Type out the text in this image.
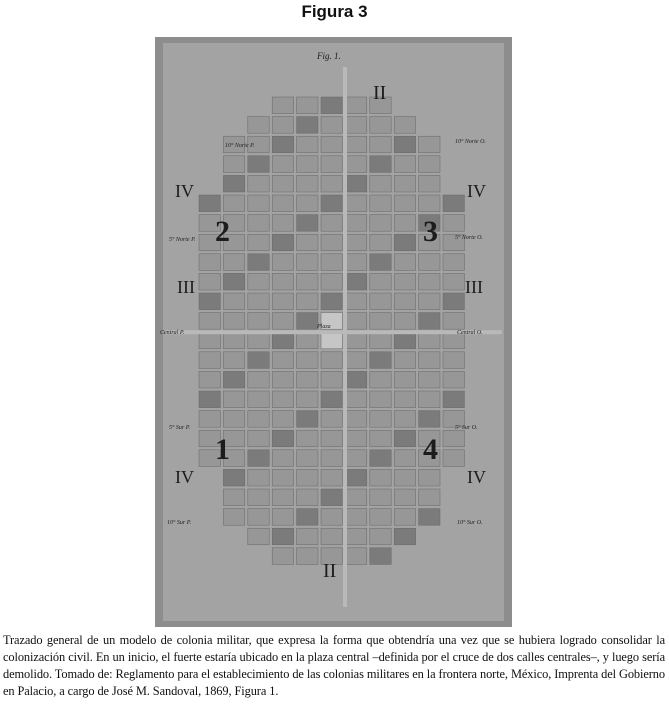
Figura 3
Fig. 1.
2	3
1	4
II
IV	IV
III	III
IV	IV
II
Plaza
10° Norte P.
10° Norte O.
5° Norte P.	5° Norte O.
Central P.	Central O.
5° Sur P.	5° Sur O.
10° Sur P.	10° Sur O.
Trazado general de un modelo de colonia militar, que expresa la forma que obtendría una vez que se hubiera logrado consolidar la colonización civil. En un inicio, el fuerte estaría ubicado en la plaza central –definida por el cruce de dos calles centrales–, y luego sería demolido. Tomado de: Reglamento para el establecimiento de las colonias militares en la frontera norte, México, Imprenta del Gobierno en Palacio, a cargo de José M. Sandoval, 1869, Figura 1.
